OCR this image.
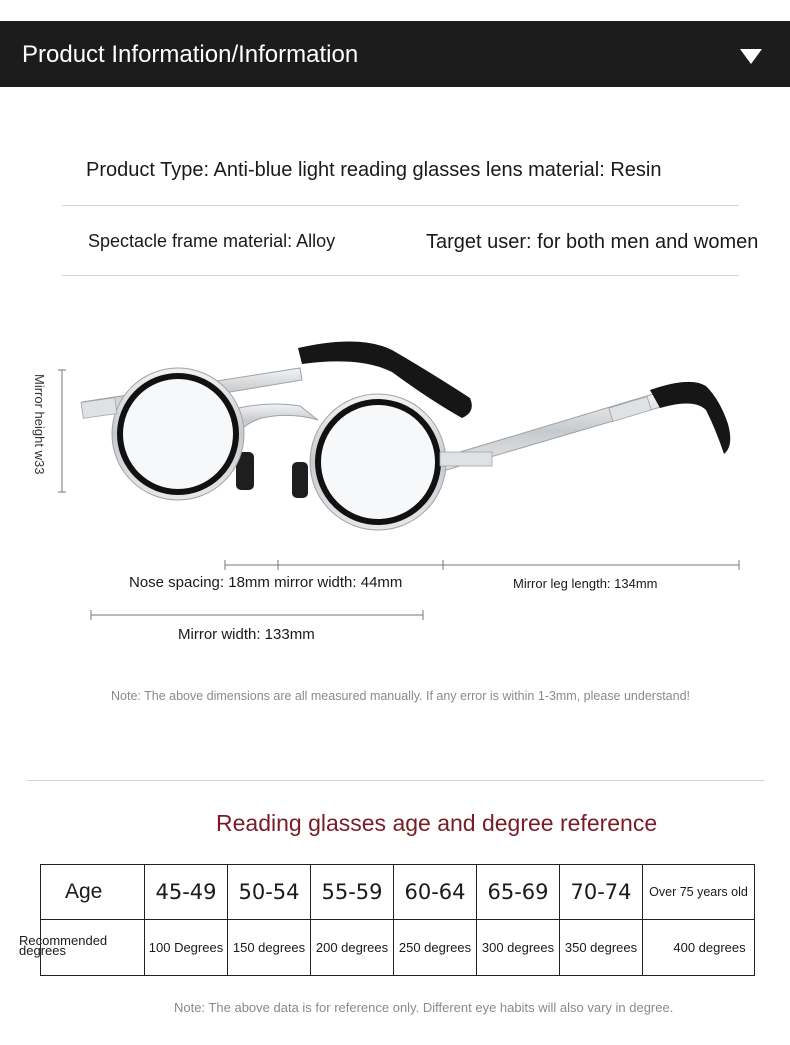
Product Information/Information
Product Type: Anti-blue light reading glasses lens material: Resin
Spectacle frame material: Alloy	Target user: for both men and women
Mirror height w33
Nose spacing: 18mm mirror width: 44mm	Mirror leg length: 134mm
Mirror width: 133mm
Note: The above dimensions are all measured manually. If any error is within 1-3mm, please understand!
Reading glasses age and degree reference
Age	45-49	50-54	55-59	60-64	65-69	70-74	Over 75 years old

Recommended degrees	100 Degrees	150 degrees	200 degrees	250 degrees	300 degrees	350 degrees	400 degrees
Note: The above data is for reference only. Different eye habits will also vary in degree.
